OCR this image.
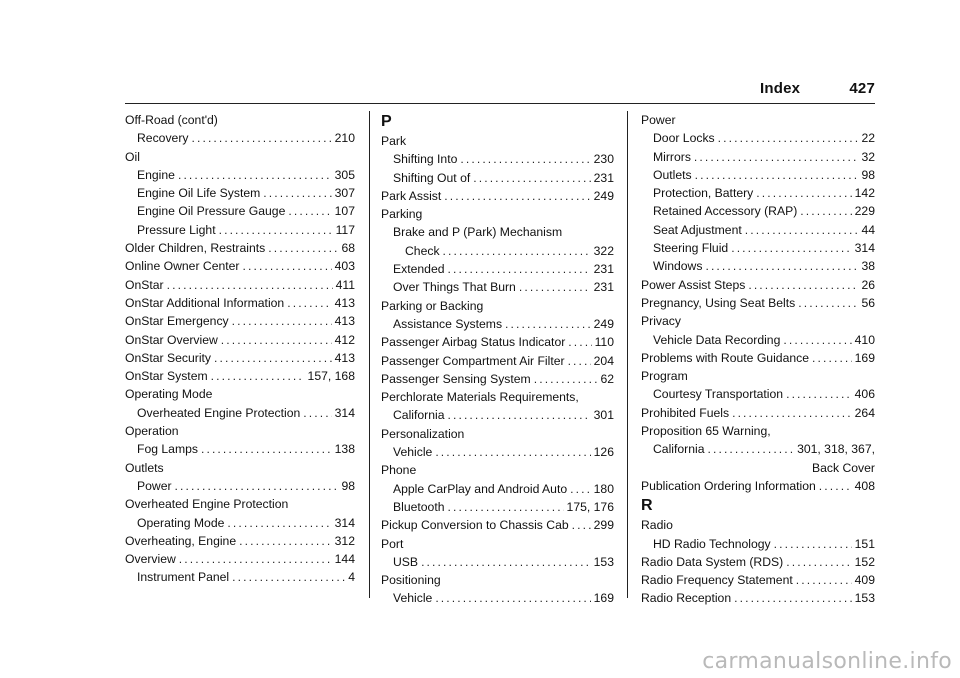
Index	427
Off-Road (cont'd)
Recovery .....	210
Oil
Engine .....	305
Engine Oil Life System .....	307
Engine Oil Pressure Gauge .....	107
Pressure Light .....	117
Older Children, Restraints .....	68
Online Owner Center .....	403
OnStar .....	411
OnStar Additional Information .....	413
OnStar Emergency .....	413
OnStar Overview .....	412
OnStar Security .....	413
OnStar System .....	157, 168
Operating Mode
Overheated Engine Protection .....	314
Operation
Fog Lamps .....	138
Outlets
Power .....	98
Overheated Engine Protection
Operating Mode .....	314
Overheating, Engine .....	312
Overview .....	144
Instrument Panel .....	4
P
Park
Shifting Into .....	230
Shifting Out of .....	231
Park Assist .....	249
Parking
Brake and P (Park) Mechanism
Check .....	322
Extended .....	231
Over Things That Burn .....	231
Parking or Backing
Assistance Systems .....	249
Passenger Airbag Status Indicator ..... 110
Passenger Compartment Air Filter ..... 204
Passenger Sensing System .....	62
Perchlorate Materials Requirements,
California .....	301
Personalization
Vehicle .....	126
Phone
Apple CarPlay and Android Auto ..... 180
Bluetooth .....	175, 176
Pickup Conversion to Chassis Cab ..... 299
Port
USB .....	153
Positioning
Vehicle .....	169
Power
Door Locks .....	22
Mirrors .....	32
Outlets .....	98
Protection, Battery .....	142
Retained Accessory (RAP) .....	229
Seat Adjustment .....	44
Steering Fluid .....	314
Windows .....	38
Power Assist Steps .....	26
Pregnancy, Using Seat Belts .....	56
Privacy
Vehicle Data Recording .....	410
Problems with Route Guidance .....	169
Program
Courtesy Transportation .....	406
Prohibited Fuels .....	264
Proposition 65 Warning,
California .....	301, 318, 367,
Back Cover
Publication Ordering Information .....	408
R
Radio
HD Radio Technology .....	151
Radio Data System (RDS) .....	152
Radio Frequency Statement .....	409
Radio Reception .....	153
carmanualsonline.info
